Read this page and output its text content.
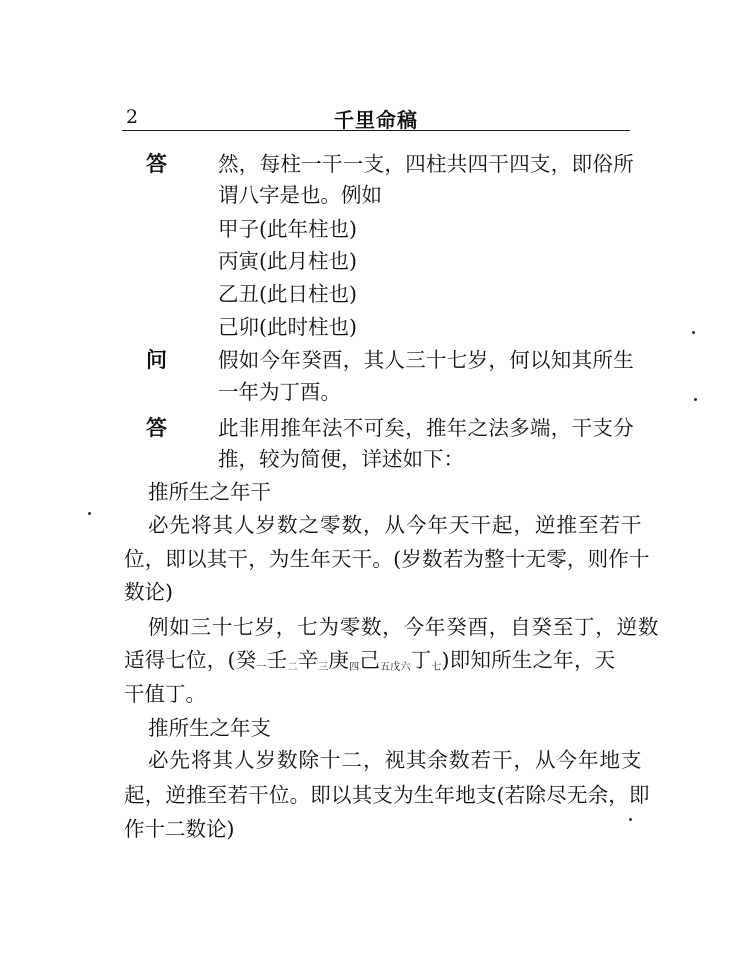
2	千里命稿
答 然，每柱一干一支，四柱共四干四支，即俗所
谓八字是也。例如
甲子(此年柱也)
丙寅(此月柱也)
乙丑(此日柱也)
己卯(此时柱也)
问 假如今年癸酉，其人三十七岁，何以知其所生
一年为丁酉。
答 此非用推年法不可矣，推年之法多端，干支分
推，较为简便，详述如下：
推所生之年干
必先将其人岁数之零数，从今年天干起，逆推至若干
位，即以其干，为生年天干。(岁数若为整十无零，则作十
数论)
例如三十七岁，七为零数，今年癸酉，自癸至丁，逆数
适得七位，(癸$_一$壬$_二$辛$_三$庚$_四$己$_{五戊六}$丁$_七$)即知所生之年，天
干值丁。
推所生之年支
必先将其人岁数除十二，视其余数若干，从今年地支
起，逆推至若干位。即以其支为生年地支(若除尽无余，即
作十二数论)
